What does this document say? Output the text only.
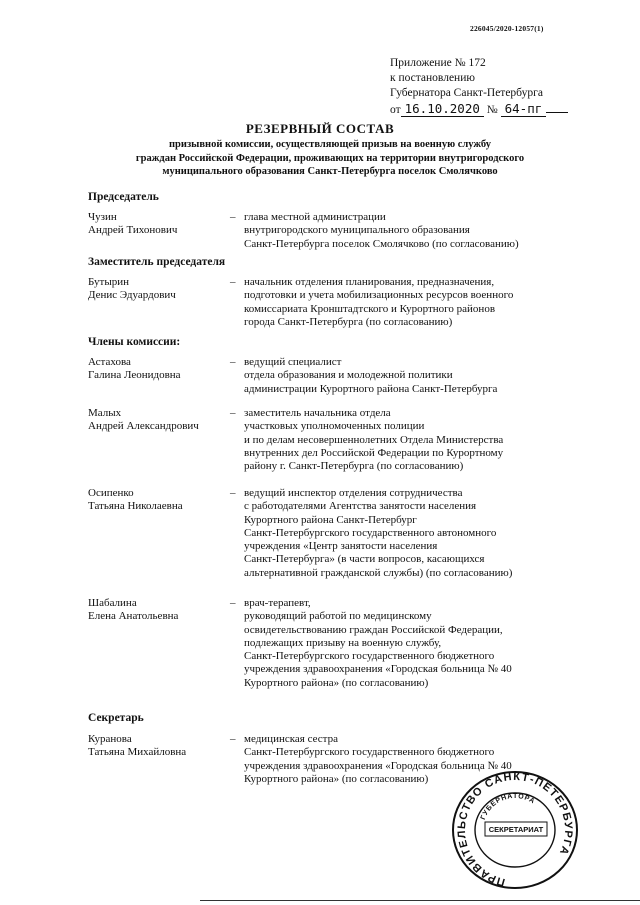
226045/2020-12057(1)
Приложение № 172
к постановлению
Губернатора Санкт-Петербурга
от 16.10.2020 № 64-пг
РЕЗЕРВНЫЙ СОСТАВ
призывной комиссии, осуществляющей призыв на военную службу
граждан Российской Федерации, проживающих на территории внутригородского
муниципального образования Санкт-Петербурга поселок Смолячково
Председатель
Чузин
Андрей Тихонович
– глава местной администрации
внутригородского муниципального образования
Санкт-Петербурга поселок Смолячково (по согласованию)
Заместитель председателя
Бутырин
Денис Эдуардович
– начальник отделения планирования, предназначения,
подготовки и учета мобилизационных ресурсов военного
комиссариата Кронштадтского и Курортного районов
города Санкт-Петербурга (по согласованию)
Члены комиссии:
Астахова
Галина Леонидовна
– ведущий специалист
отдела образования и молодежной политики
администрации Курортного района Санкт-Петербурга
Малых
Андрей Александрович
– заместитель начальника отдела
участковых уполномоченных полиции
и по делам несовершеннолетних Отдела Министерства
внутренних дел Российской Федерации по Курортному
району г. Санкт-Петербурга (по согласованию)
Осипенко
Татьяна Николаевна
– ведущий инспектор отделения сотрудничества
с работодателями Агентства занятости населения
Курортного района Санкт-Петербург
Санкт-Петербургского государственного автономного
учреждения «Центр занятости населения
Санкт-Петербурга» (в части вопросов, касающихся
альтернативной гражданской службы) (по согласованию)
Шабалина
Елена Анатольевна
– врач-терапевт,
руководящий работой по медицинскому
освидетельствованию граждан Российской Федерации,
подлежащих призыву на военную службу,
Санкт-Петербургского государственного бюджетного
учреждения здравоохранения «Городская больница № 40
Курортного района» (по согласованию)
Секретарь
Куранова
Татьяна Михайловна
– медицинская сестра
Санкт-Петербургского государственного бюджетного
учреждения здравоохранения «Городская больница № 40
Курортного района» (по согласованию)
ПРАВИТЕЛЬСТВО САНКТ-ПЕТЕРБУРГА
ГУБЕРНАТОРА
СЕКРЕТАРИАТ
